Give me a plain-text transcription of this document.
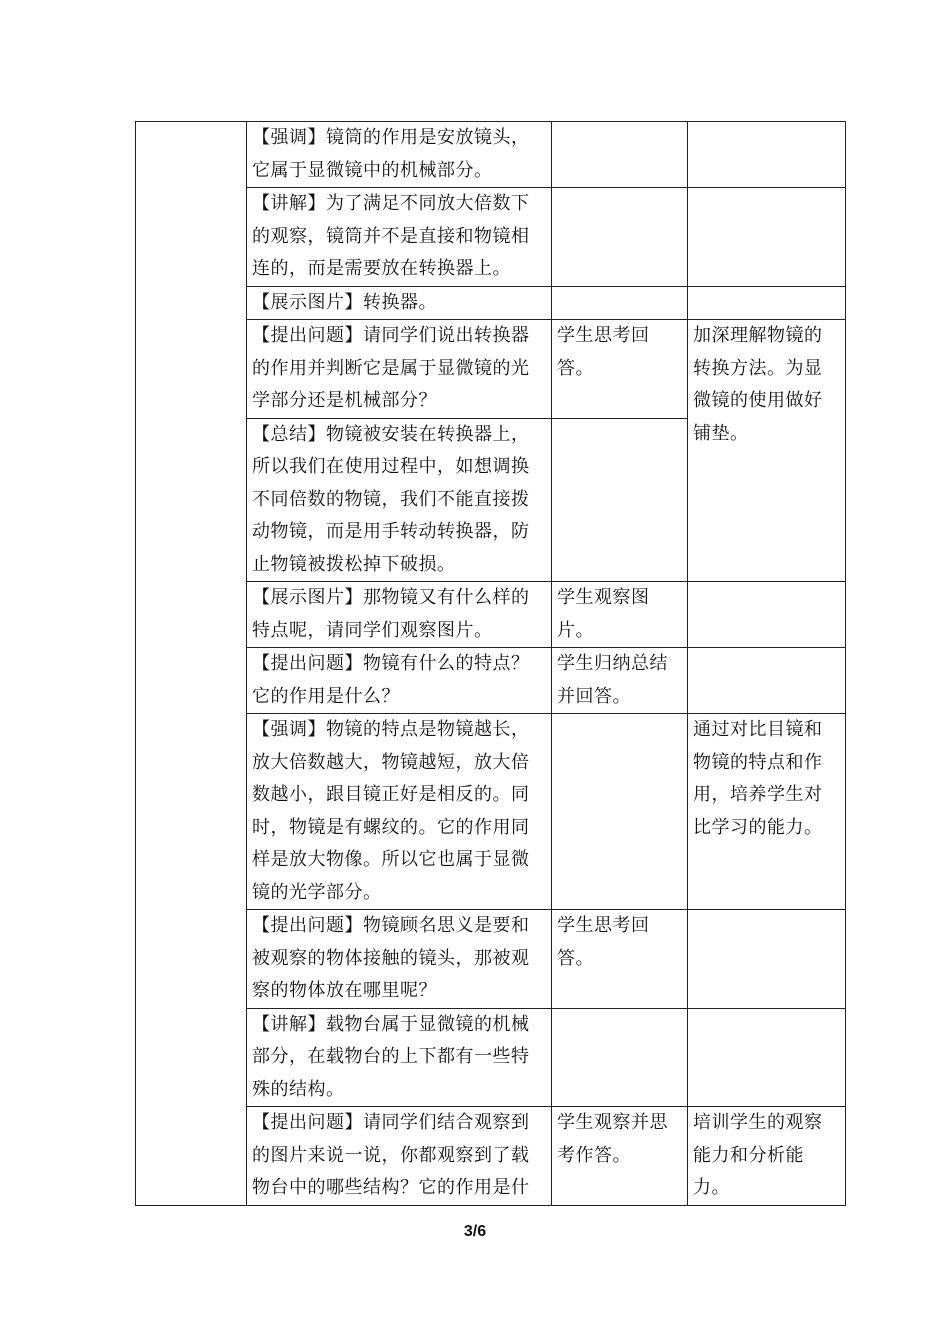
	【强调】镜筒的作用是安放镜头，它属于显微镜中的机械部分。		
	【讲解】为了满足不同放大倍数下的观察，镜筒并不是直接和物镜相连的，而是需要放在转换器上。		
	【展示图片】转换器。		
	【提出问题】请同学们说出转换器的作用并判断它是属于显微镜的光学部分还是机械部分？	学生思考回答。	加深理解物镜的转换方法。为显微镜的使用做好铺垫。
	【总结】物镜被安装在转换器上，所以我们在使用过程中，如想调换不同倍数的物镜，我们不能直接拨动物镜，而是用手转动转换器，防止物镜被拨松掉下破损。		
	【展示图片】那物镜又有什么样的特点呢，请同学们观察图片。	学生观察图片。	
	【提出问题】物镜有什么的特点？它的作用是什么？	学生归纳总结并回答。	
	【强调】物镜的特点是物镜越长，放大倍数越大，物镜越短，放大倍数越小，跟目镜正好是相反的。同时，物镜是有螺纹的。它的作用同样是放大物像。所以它也属于显微镜的光学部分。		通过对比目镜和物镜的特点和作用，培养学生对比学习的能力。
	【提出问题】物镜顾名思义是要和被观察的物体接触的镜头，那被观察的物体放在哪里呢？	学生思考回答。	
	【讲解】载物台属于显微镜的机械部分，在载物台的上下都有一些特殊的结构。		
	【提出问题】请同学们结合观察到的图片来说一说，你都观察到了载物台中的哪些结构？它的作用是什	学生观察并思考作答。	培训学生的观察能力和分析能力。
3/6
